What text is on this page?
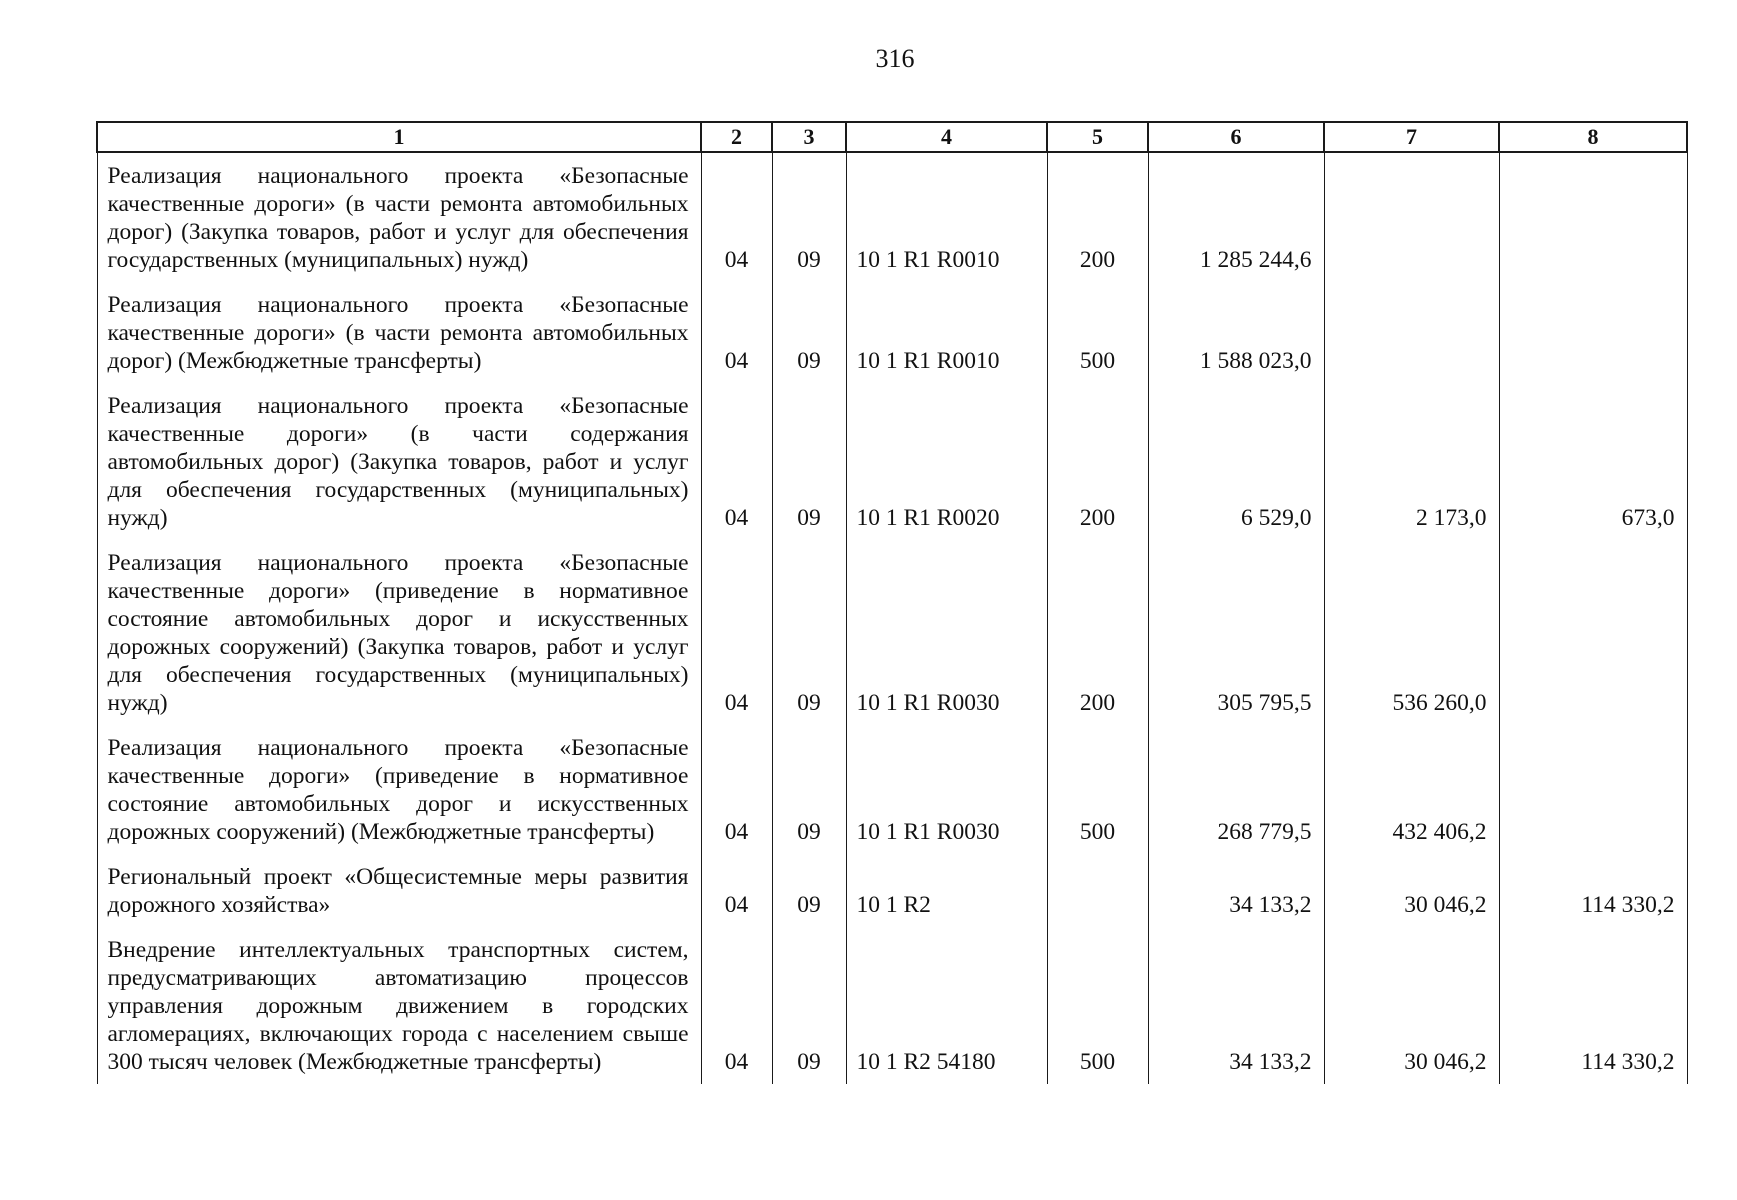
316
1	2	3	4	5	6	7	8
Реализация национального проекта «Безопасные качественные дороги» (в части ремонта автомобильных дорог) (Закупка товаров, работ и услуг для обеспечения государственных (муниципальных) нужд)	04	09	10 1 R1 R0010	200	1 285 244,6		
Реализация национального проекта «Безопасные качественные дороги» (в части ремонта автомобильных дорог) (Межбюджетные трансферты)	04	09	10 1 R1 R0010	500	1 588 023,0		
Реализация национального проекта «Безопасные качественные дороги» (в части содержания автомобильных дорог) (Закупка товаров, работ и услуг для обеспечения государственных (муниципальных) нужд)	04	09	10 1 R1 R0020	200	6 529,0	2 173,0	673,0
Реализация национального проекта «Безопасные качественные дороги» (приведение в нормативное состояние автомобильных дорог и искусственных дорожных сооружений) (Закупка товаров, работ и услуг для обеспечения государственных (муниципальных) нужд)	04	09	10 1 R1 R0030	200	305 795,5	536 260,0	
Реализация национального проекта «Безопасные качественные дороги» (приведение в нормативное состояние автомобильных дорог и искусственных дорожных сооружений) (Межбюджетные трансферты)	04	09	10 1 R1 R0030	500	268 779,5	432 406,2	
Региональный проект «Общесистемные меры развития дорожного хозяйства»	04	09	10 1 R2		34 133,2	30 046,2	114 330,2
Внедрение интеллектуальных транспортных систем, предусматривающих автоматизацию процессов управления дорожным движением в городских агломерациях, включающих города с населением свыше 300 тысяч человек (Межбюджетные трансферты)	04	09	10 1 R2 54180	500	34 133,2	30 046,2	114 330,2
